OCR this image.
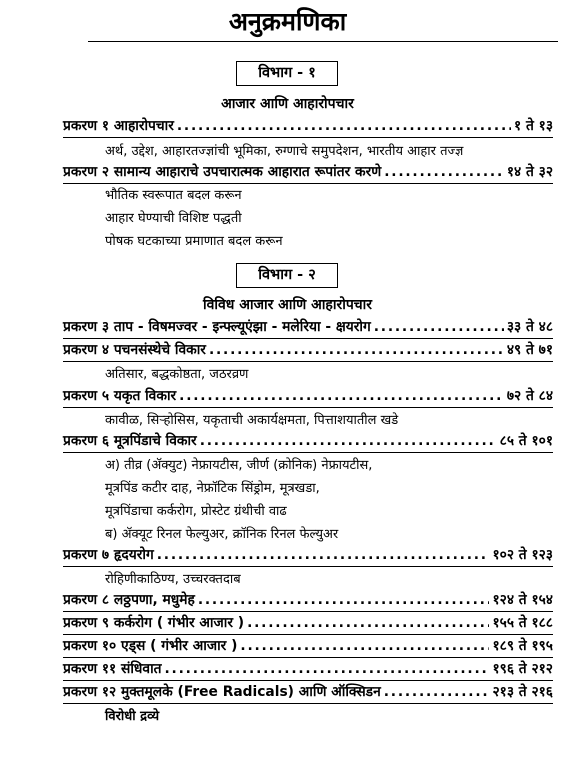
अनुक्रमणिका
विभाग - १
आजार आणि आहारोपचार
प्रकरण १ आहारोपचार . . .	१ ते १३
अर्थ, उद्देश, आहारतज्ज्ञांची भूमिका, रुग्णाचे समुपदेशन, भारतीय आहार तज्ज्ञ
प्रकरण २ सामान्य आहाराचे उपचारात्मक आहारात रूपांतर करणे . . .	१४ ते ३२
भौतिक स्वरूपात बदल करून
आहार घेण्याची विशिष्ट पद्धती
पोषक घटकाच्या प्रमाणात बदल करून
विभाग - २
विविध आजार आणि आहारोपचार
प्रकरण ३ ताप - विषमज्वर - इन्फ्ल्यूएंझा - मलेरिया - क्षयरोग . . .	३३ ते ४८
प्रकरण ४ पचनसंस्थेचे विकार . . .	४९ ते ७१
अतिसार, बद्धकोष्ठता, जठरव्रण
प्रकरण ५ यकृत विकार . . .	७२ ते ८४
कावीळ, सिऱ्होसिस, यकृताची अकार्यक्षमता, पित्ताशयातील खडे
प्रकरण ६ मूत्रपिंडाचे विकार . . .	८५ ते १०१
अ) तीव्र (ॲक्युट) नेफ्रायटीस, जीर्ण (क्रोनिक) नेफ्रायटीस,
मूत्रपिंड कटीर दाह, नेफ्रॉटिक सिंड्रोम, मूत्रखडा,
मूत्रपिंडाचा कर्करोग, प्रोस्टेट ग्रंथीची वाढ
ब) ॲक्यूट रिनल फेल्युअर, क्रॉनिक रिनल फेल्युअर
प्रकरण ७ हृदयरोग . . .	१०२ ते १२३
रोहिणीकाठिण्य, उच्चरक्तदाब
प्रकरण ८ लठ्ठपणा, मधुमेह . . .	१२४ ते १५४
प्रकरण ९ कर्करोग ( गंभीर आजार ) . . .	१५५ ते १८८
प्रकरण १० एड्स ( गंभीर आजार ) . . .	१८९ ते १९५
प्रकरण ११ संधिवात . . .	१९६ ते २१२
प्रकरण १२ मुक्तमूलके (Free Radicals) आणि ऑक्सिडन . . .	२१३ ते २१६
विरोधी द्रव्ये
